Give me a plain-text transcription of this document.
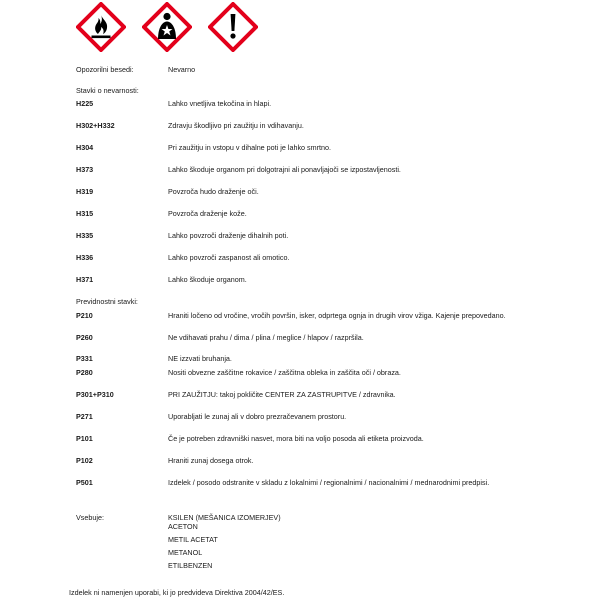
Opozorilni besedi:	Nevarno
Stavki o nevarnosti:
H225	Lahko vnetljiva tekočina in hlapi.
H302+H332	Zdravju škodljivo pri zaužitju in vdihavanju.
H304	Pri zaužitju in vstopu v dihalne poti je lahko smrtno.
H373	Lahko škoduje organom pri dolgotrajni ali ponavljajoči se izpostavljenosti.
H319	Povzroča hudo draženje oči.
H315	Povzroča draženje kože.
H335	Lahko povzroči draženje dihalnih poti.
H336	Lahko povzroči zaspanost ali omotico.
H371	Lahko škoduje organom.
Previdnostni stavki:
P210	Hraniti ločeno od vročine, vročih površin, isker, odprtega ognja in drugih virov vžiga. Kajenje prepovedano.
P260	Ne vdihavati prahu / dima / plina / meglice / hlapov / razpršila.
P331	NE izzvati bruhanja.
P280	Nositi obvezne zaščitne rokavice / zaščitna obleka in zaščita oči / obraza.
P301+P310	PRI ZAUŽITJU: takoj pokličite CENTER ZA ZASTRUPITVE / zdravnika.
P271	Uporabljati le zunaj ali v dobro prezračevanem prostoru.
P101	Če je potreben zdravniški nasvet, mora biti na voljo posoda ali etiketa proizvoda.
P102	Hraniti zunaj dosega otrok.
P501	Izdelek / posodo odstranite v skladu z lokalnimi / regionalnimi / nacionalnimi / mednarodnimi predpisi.
Vsebuje:	KSILEN (MEŠANICA IZOMERJEV)
ACETON
METIL ACETAT
METANOL
ETILBENZEN
Izdelek ni namenjen uporabi, ki jo predvideva Direktiva 2004/42/ES.
